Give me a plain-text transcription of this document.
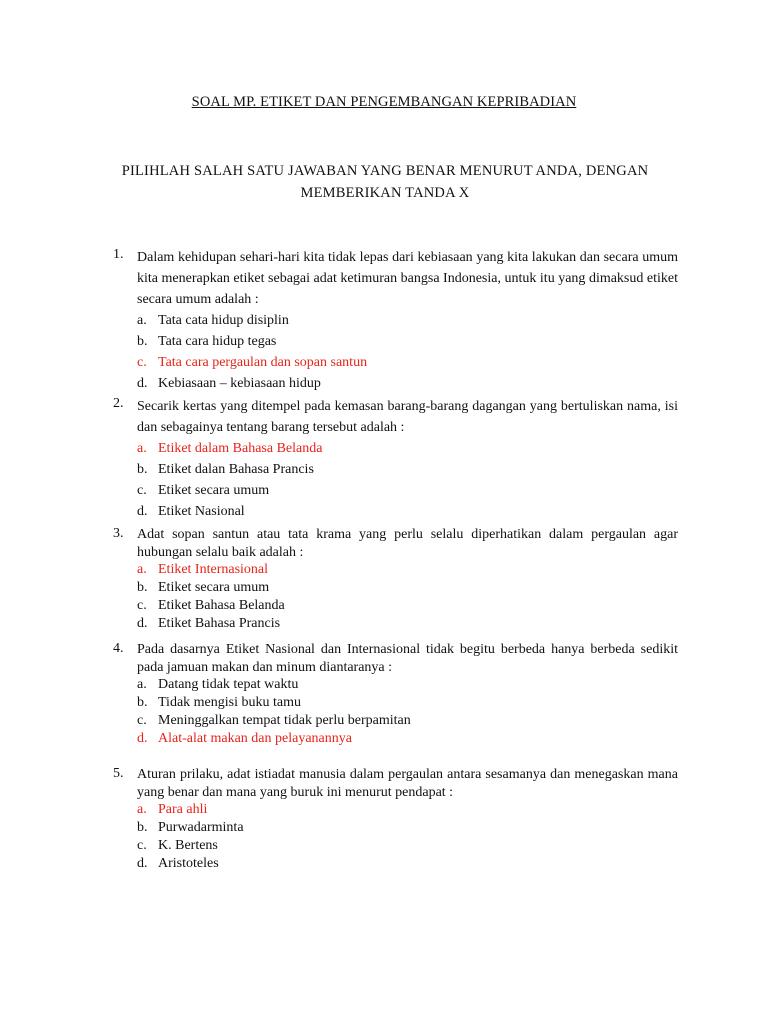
SOAL MP. ETIKET DAN PENGEMBANGAN KEPRIBADIAN
PILIHLAH SALAH SATU JAWABAN YANG BENAR MENURUT ANDA, DENGAN MEMBERIKAN TANDA X
1. Dalam kehidupan sehari-hari kita tidak lepas dari kebiasaan yang kita lakukan dan secara umum kita menerapkan etiket sebagai adat ketimuran bangsa Indonesia, untuk itu yang dimaksud etiket secara umum adalah :
a. Tata cata hidup disiplin
b. Tata cara hidup tegas
c. Tata cara pergaulan dan sopan santun
d. Kebiasaan – kebiasaan hidup
2. Secarik kertas yang ditempel pada kemasan barang-barang dagangan yang bertuliskan nama, isi dan sebagainya tentang barang tersebut adalah :
a. Etiket dalam Bahasa Belanda
b. Etiket dalan Bahasa Prancis
c. Etiket secara umum
d. Etiket Nasional
3. Adat sopan santun atau tata krama yang perlu selalu diperhatikan dalam pergaulan agar hubungan selalu baik adalah :
a. Etiket Internasional
b. Etiket secara umum
c. Etiket Bahasa Belanda
d. Etiket Bahasa Prancis
4. Pada dasarnya Etiket Nasional dan Internasional tidak begitu berbeda hanya berbeda sedikit pada jamuan makan dan minum diantaranya :
a. Datang tidak tepat waktu
b. Tidak mengisi buku tamu
c. Meninggalkan tempat tidak perlu berpamitan
d. Alat-alat makan dan pelayanannya
5. Aturan prilaku, adat istiadat manusia dalam pergaulan antara sesamanya dan menegaskan mana yang benar dan mana yang buruk ini menurut pendapat :
a. Para ahli
b. Purwadarminta
c. K. Bertens
d. Aristoteles
